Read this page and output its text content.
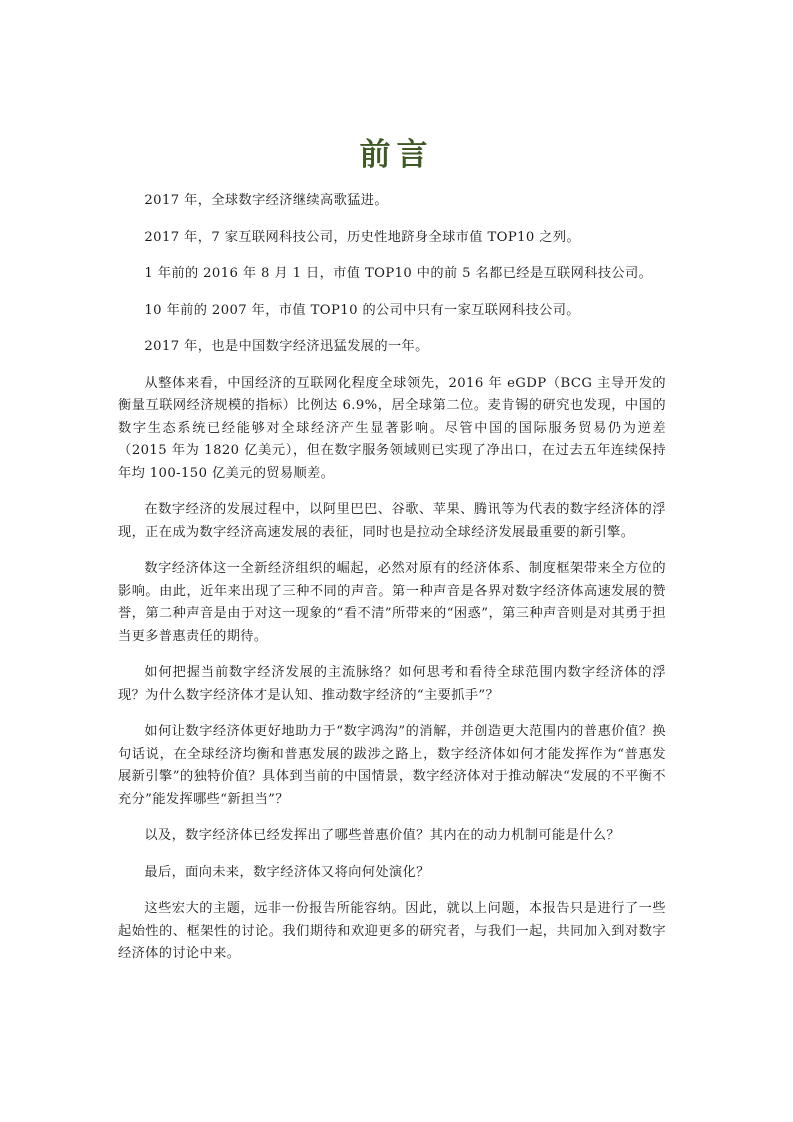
前言

2017 年，全球数字经济继续高歌猛进。

2017 年，7 家互联网科技公司，历史性地跻身全球市值 TOP10 之列。

1 年前的 2016 年 8 月 1 日，市值 TOP10 中的前 5 名都已经是互联网科技公司。

10 年前的 2007 年，市值 TOP10 的公司中只有一家互联网科技公司。

2017 年，也是中国数字经济迅猛发展的一年。

从整体来看，中国经济的互联网化程度全球领先，2016 年 eGDP（BCG 主导开发的衡量互联网经济规模的指标）比例达 6.9%，居全球第二位。麦肯锡的研究也发现，中国的数字生态系统已经能够对全球经济产生显著影响。尽管中国的国际服务贸易仍为逆差（2015 年为 1820 亿美元），但在数字服务领域则已实现了净出口，在过去五年连续保持年均 100-150 亿美元的贸易顺差。

在数字经济的发展过程中，以阿里巴巴、谷歌、苹果、腾讯等为代表的数字经济体的浮现，正在成为数字经济高速发展的表征，同时也是拉动全球经济发展最重要的新引擎。

数字经济体这一全新经济组织的崛起，必然对原有的经济体系、制度框架带来全方位的影响。由此，近年来出现了三种不同的声音。第一种声音是各界对数字经济体高速发展的赞誉，第二种声音是由于对这一现象的“看不清”所带来的“困惑”，第三种声音则是对其勇于担当更多普惠责任的期待。

如何把握当前数字经济发展的主流脉络？如何思考和看待全球范围内数字经济体的浮现？为什么数字经济体才是认知、推动数字经济的“主要抓手”？

如何让数字经济体更好地助力于“数字鸿沟”的消解，并创造更大范围内的普惠价值？换句话说，在全球经济均衡和普惠发展的跋涉之路上，数字经济体如何才能发挥作为“普惠发展新引擎”的独特价值？具体到当前的中国情景，数字经济体对于推动解决“发展的不平衡不充分”能发挥哪些“新担当”？

以及，数字经济体已经发挥出了哪些普惠价值？其内在的动力机制可能是什么？

最后，面向未来，数字经济体又将向何处演化？

这些宏大的主题，远非一份报告所能容纳。因此，就以上问题，本报告只是进行了一些起始性的、框架性的讨论。我们期待和欢迎更多的研究者，与我们一起，共同加入到对数字经济体的讨论中来。
